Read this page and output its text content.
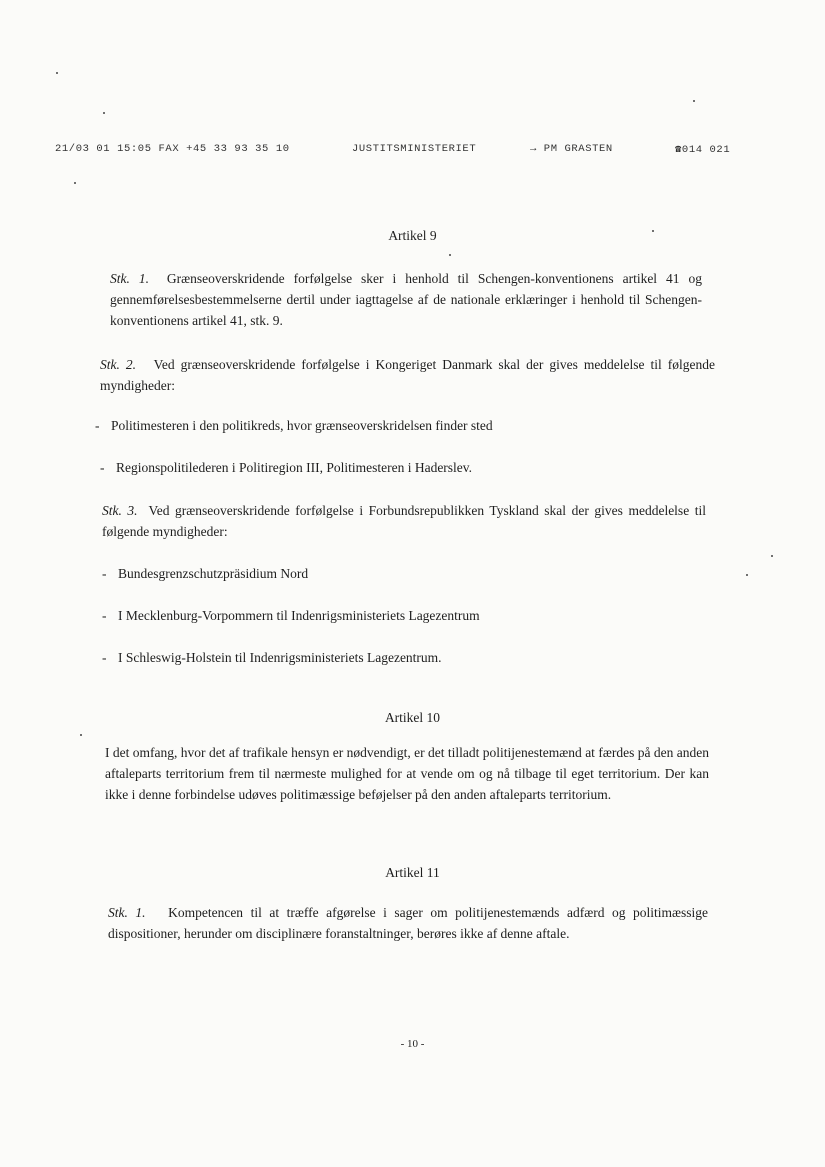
21/03 01 15:05 FAX +45 33 93 35 10	JUSTITSMINISTERIET	→ PM GRASTEN	☎014 021
Artikel 9
Stk. 1. Grænseoverskridende forfølgelse sker i henhold til Schengen-konventionens artikel 41 og gennemførelsesbestemmelserne dertil under iagttagelse af de nationale erklæringer i henhold til Schengen-konventionens artikel 41, stk. 9.
Stk. 2. Ved grænseoverskridende forfølgelse i Kongeriget Danmark skal der gives meddelelse til følgende myndigheder:
- Politimesteren i den politikreds, hvor grænseoverskridelsen finder sted
- Regionspolitilederen i Politiregion III, Politimesteren i Haderslev.
Stk. 3. Ved grænseoverskridende forfølgelse i Forbundsrepublikken Tyskland skal der gives meddelelse til følgende myndigheder:
- Bundesgrenzschutzpräsidium Nord
- I Mecklenburg-Vorpommern til Indenrigsministeriets Lagezentrum
- I Schleswig-Holstein til Indenrigsministeriets Lagezentrum.
Artikel 10
I det omfang, hvor det af trafikale hensyn er nødvendigt, er det tilladt politijenestemænd at færdes på den anden aftaleparts territorium frem til nærmeste mulighed for at vende om og nå tilbage til eget territorium. Der kan ikke i denne forbindelse udøves politimæssige beføjelser på den anden aftaleparts territorium.
Artikel 11
Stk. 1. Kompetencen til at træffe afgørelse i sager om politijenestemænds adfærd og politimæssige dispositioner, herunder om disciplinære foranstaltninger, berøres ikke af denne aftale.
- 10 -
